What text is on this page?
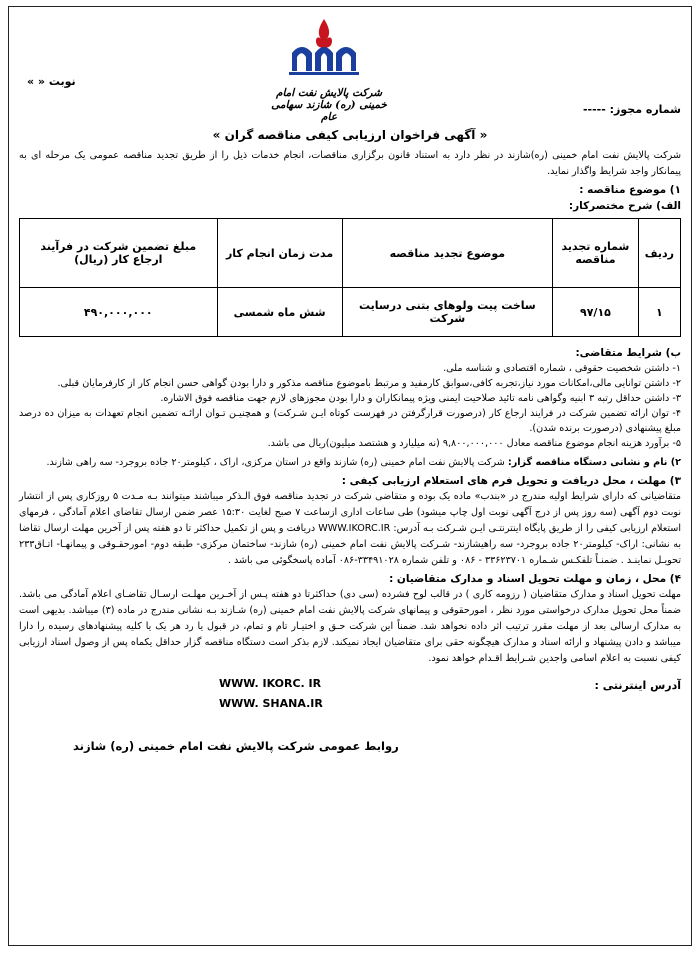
شرکت پالایش نفت امام خمینی (ره) شازند سهامی عام
نوبت « »
شماره مجوز: -----
« آگهی فراخوان ارزیابی کیفی مناقصه گران »

شرکت پالایش نفت امام خمینی (ره)شازند در نظر دارد به استناد قانون برگزاری مناقصات، انجام خدمات ذیل را از طریق تجدید مناقصه عمومی یک مرحله ای به پیمانکار واجد شرایط واگذار نماید.

۱) موضوع مناقصه :
الف) شرح مختصرکار:
ردیف	شماره تجدید مناقصه	موضوع تجدید مناقصه	مدت زمان انجام کار	مبلغ تضمین شرکت در فرآیند ارجاع کار (ریال)
۱	۹۷/۱۵	ساخت پیت ولوهای بتنی درسایت شرکت	شش ماه شمسی	۴۹۰,۰۰۰,۰۰۰
ب) شرایط متقاضی:

۱- داشتن شخصیت حقوقی ، شماره اقتصادی و شناسه ملی.

۲- داشتن توانایی مالی،امکانات مورد نیاز،تجربه کافی،سوابق کارمفید و مرتبط باموضوع مناقصه مذکور و دارا بودن گواهی حسن انجام کار از کارفرمایان قبلی.

۳- داشتن حداقل رتبه ۳ ابنیه وگواهی نامه تائید صلاحیت ایمنی ویژه پیمانکاران و دارا بودن مجوزهای لازم جهت مناقصه فوق الاشاره.

۴- توان ارائه تضمین شرکت در فرایند ارجاع کار (درصورت قرارگرفتن در فهرست کوتاه ایـن شـرکت) و همچنیـن تـوان ارائـه تضمین انجام تعهدات به میزان ده درصد مبلغ پیشنهادی (درصورت برنده شدن).

۵- برآورد هزینه انجام موضوع مناقصه معادل ۹,۸۰۰,۰۰۰,۰۰۰ (نه میلیارد و هشتصد میلیون)ریال می باشد.

۲) نام و نشانی دستگاه مناقصه گزار: شرکت پالایش نفت امام خمینی (ره) شازند واقع در استان مرکزی، اراک ، کیلومتر۲۰ جاده بروجرد- سه راهی شازند.

۳) مهلت ، محل دریافت و تحویل فرم های استعلام ارزیابی کیفی :

متقاضیانی که دارای شرایط اولیه مندرج در «بندب» ماده یک بوده و متقاضی شرکت در تجدید مناقصه فوق الـذکر میباشند میتوانند بـه مـدت ۵ روزکاری پس از انتشار نوبت دوم آگهی (سه روز پس از درج آگهی نوبت اول چاپ میشود) طی ساعات اداری ازساعت ۷ صبح لغایت ۱۵:۳۰ عصر ضمن ارسال تقاضای اعلام آمادگی ، فرمهای استعلام ارزیابی کیفی را از طریق پایگاه اینترنتـی ایـن شـرکت بـه آدرس: WWW.IKORC.IR دریافت و پس از تکمیل حداکثر تا دو هفته پس از آخرین مهلت ارسال تقاضا به نشانی: اراک- کیلومتر۲۰ جاده بروجرد- سه راهیشازند- شـرکت پالایش نفت امام خمینی (ره) شازند- ساختمان مرکزی- طبقه دوم- امورحقـوقی و پیمانهـا- اتـاق۲۳۳ تحویـل نماینـد . ضمنـاً تلفکـس شـماره ۳۳۶۲۳۷۰۱ - ۰۸۶ و تلفن شماره ۳۳۴۹۱۰۲۸-۰۸۶ آماده پاسخگوئی می باشد .

۴) محل ، زمان و مهلت تحویل اسناد و مدارک متقاضیان :

مهلت تحویل اسناد و مدارک متقاضیان ( رزومه کاری ) در قالب لوح فشرده (سی دی) حداکثرتا دو هفته پـس از آخـرین مهلـت ارسـال تقاضـای اعلام آمادگی می باشد. ضمناً محل تحویل مدارک درخواستی مورد نظر ، امورحقوقی و پیمانهای شرکت پالایش نفت امام خمینی (ره) شـازند بـه نشانی مندرج در ماده (۳) میباشد. بدیهی است به مدارک ارسالی بعد از مهلت مقرر ترتیب اثر داده نخواهد شد. ضمناً این شرکت حـق و اختیـار تام و تمام، در قبول یا رد هر یک یا کلیه پیشنهادهای رسیده را دارا میباشد و دادن پیشنهاد و ارائه اسناد و مدارک هیچگونه حقی برای متقاضیان ایجاد نمیکند. لازم بذکر است دستگاه مناقصه گزار حداقل یکماه پس از وصول اسناد ارزیابی کیفی نسبت به اعلام اسامی واجدین شـرایط اقـدام خواهد نمود.

آدرس اینترنتی :
WWW. IKORC. IR
WWW. SHANA.IR
روابط عمومی شرکت پالایش نفت امام خمینی (ره) شازند
